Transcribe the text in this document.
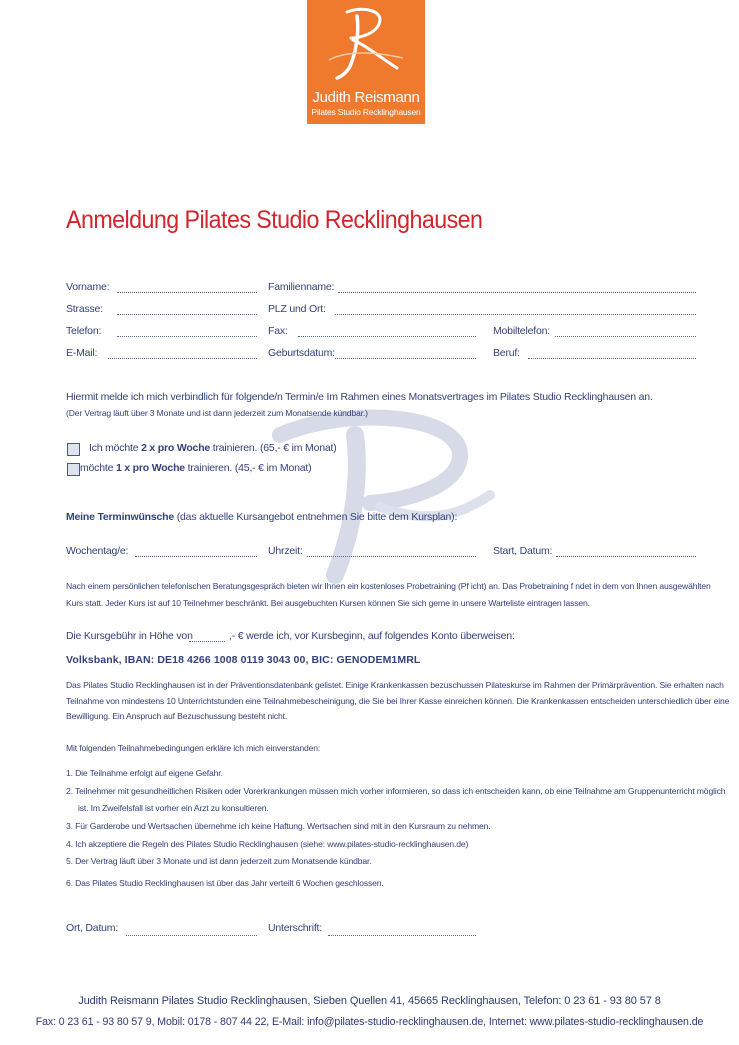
Judith Reismann
Pilates Studio Recklinghausen
Anmeldung Pilates Studio Recklinghausen
Vorname:	Familienname:
Strasse:	PLZ und Ort:
Telefon:	Fax:	Mobiltelefon:
E-Mail:	Geburtsdatum:	Beruf:
Hiermit melde ich mich verbindlich für folgende/n Termin/e Im Rahmen eines Monatsvertrages im Pilates Studio Recklinghausen an.
(Der Vertrag läuft über 3 Monate und ist dann jederzeit zum Monatsende kündbar.)
Ich möchte 2 x pro Woche trainieren. (65,- € im Monat)
möchte 1 x pro Woche trainieren. (45,- € im Monat)
Meine Terminwünsche (das aktuelle Kursangebot entnehmen Sie bitte dem Kursplan):
Wochentag/e:	Uhrzeit:	Start, Datum:
Nach einem persönlichen telefonischen Beratungsgespräch bieten wir Ihnen ein kostenloses Probetraining (Pf icht) an. Das Probetraining f ndet in dem von Ihnen ausgewählten
Kurs statt. Jeder Kurs ist auf 10 Teilnehmer beschränkt. Bei ausgebuchten Kursen können Sie sich gerne in unsere Warteliste eintragen lassen.
Die Kursgebühr in Höhe von	,- € werde ich, vor Kursbeginn, auf folgendes Konto überweisen:
Volksbank, IBAN: DE18 4266 1008 0119 3043 00, BIC: GENODEM1MRL
Das Pilates Studio Recklinghausen ist in der Präventionsdatenbank gelistet. Einige Krankenkassen bezuschussen Pilateskurse im Rahmen der Primärprävention. Sie erhalten nach
Teilnahme von mindestens 10 Unterrichtstunden eine Teilnahmebescheinigung, die Sie bei Ihrer Kasse einreichen können. Die Krankenkassen entscheiden unterschiedlich über eine
Bewilligung. Ein Anspruch auf Bezuschussung besteht nicht.
Mit folgenden Teilnahmebedingungen erkläre ich mich einverstanden:
1. Die Teilnahme erfolgt auf eigene Gefahr.
2. Teilnehmer mit gesundheitlichen Risiken oder Vorerkrankungen müssen mich vorher informieren, so dass ich entscheiden kann, ob eine Teilnahme am Gruppenunterricht möglich
ist. Im Zweifelsfall ist vorher ein Arzt zu konsultieren.
3. Für Garderobe und Wertsachen übernehme ich keine Haftung. Wertsachen sind mit in den Kursraum zu nehmen.
4. Ich akzeptiere die Regeln des Pilates Studio Recklinghausen (siehe: www.pilates-studio-recklinghausen.de)
5. Der Vertrag läuft über 3 Monate und ist dann jederzeit zum Monatsende kündbar.
6. Das Pilates Studio Recklinghausen ist über das Jahr verteilt 6 Wochen geschlossen.
Ort, Datum:	Unterschrift:
Judith Reismann Pilates Studio Recklinghausen, Sieben Quellen 41, 45665 Recklinghausen, Telefon: 0 23 61 - 93 80 57 8
Fax: 0 23 61 - 93 80 57 9, Mobil: 0178 - 807 44 22, E-Mail: info@pilates-studio-recklinghausen.de, Internet: www.pilates-studio-recklinghausen.de
